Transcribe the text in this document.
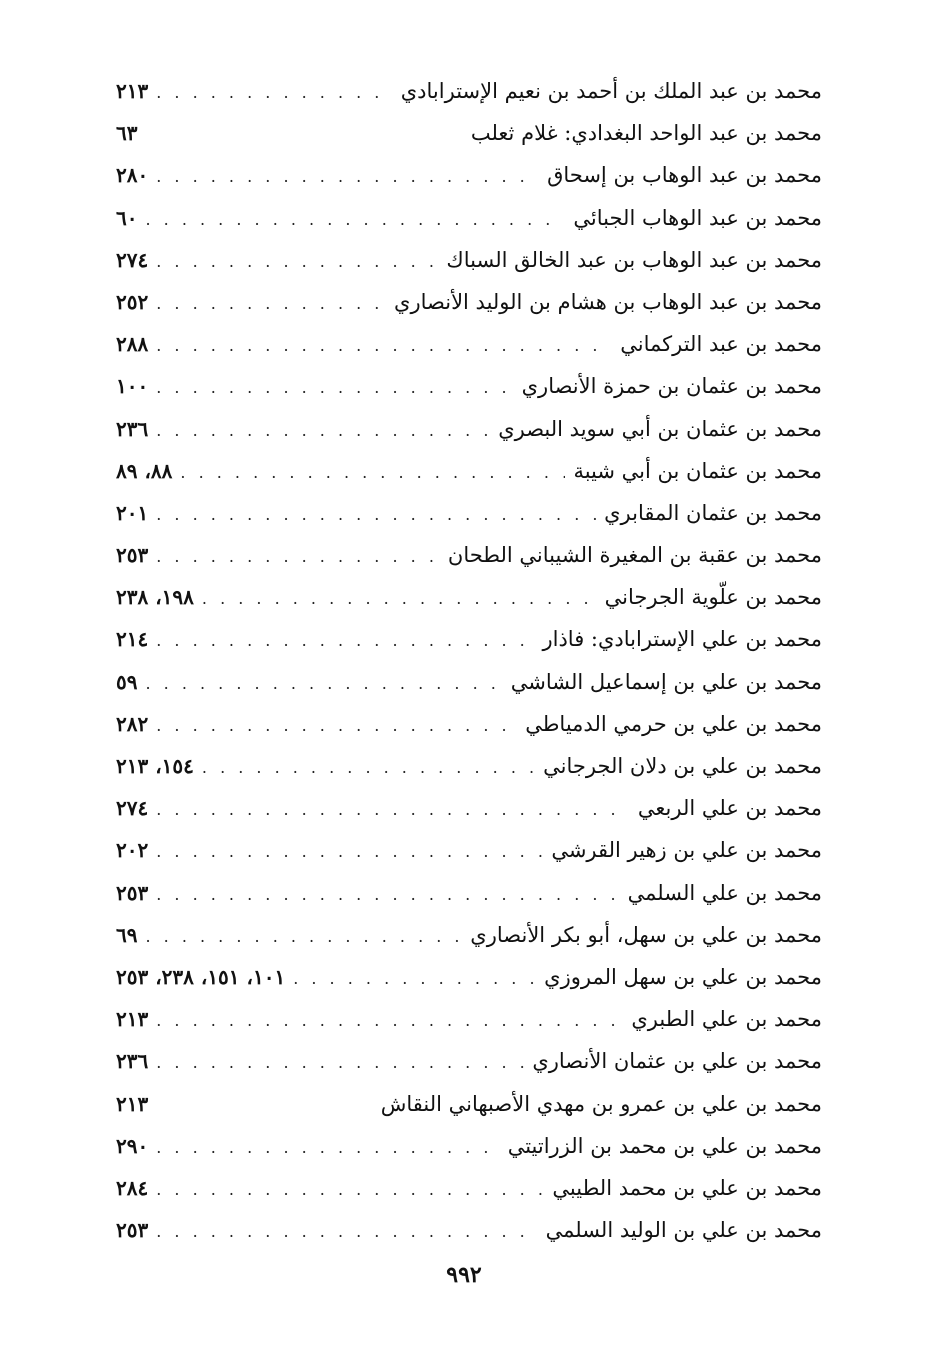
محمد بن عبد الملك بن أحمد بن نعيم الإسترابادي
. . .
٢١٣
محمد بن عبد الواحد البغدادي: غلام ثعلب
٦٣
محمد بن عبد الوهاب بن إسحاق
. . .
٢٨٠
محمد بن عبد الوهاب الجبائي
. . .
٦٠
محمد بن عبد الوهاب بن عبد الخالق السباك
. . .
٢٧٤
محمد بن عبد الوهاب بن هشام بن الوليد الأنصاري
. . .
٢٥٢
محمد بن عبد التركماني
. . .
٢٨٨
محمد بن عثمان بن حمزة الأنصاري
. . .
١٠٠
محمد بن عثمان بن أبي سويد البصري
. . .
٢٣٦
محمد بن عثمان بن أبي شيبة
. . .
٨٨، ٨٩
محمد بن عثمان المقابري
. . .
٢٠١
محمد بن عقبة بن المغيرة الشيباني الطحان
. . .
٢٥٣
محمد بن علّوية الجرجاني
. . .
١٩٨، ٢٣٨
محمد بن علي الإسترابادي: فاذار
. . .
٢١٤
محمد بن علي بن إسماعيل الشاشي
. . .
٥٩
محمد بن علي بن حرمي الدمياطي
. . .
٢٨٢
محمد بن علي بن دلان الجرجاني
. . .
١٥٤، ٢١٣
محمد بن علي الربعي
. . .
٢٧٤
محمد بن علي بن زهير القرشي
. . .
٢٠٢
محمد بن علي السلمي
. . .
٢٥٣
محمد بن علي بن سهل، أبو بكر الأنصاري
. . .
٦٩
محمد بن علي بن سهل المروزي
. . .
١٠١، ١٥١، ٢٣٨، ٢٥٣
محمد بن علي الطبري
. . .
٢١٣
محمد بن علي بن عثمان الأنصاري
. . .
٢٣٦
محمد بن علي بن عمرو بن مهدي الأصبهاني النقاش
٢١٣
محمد بن علي بن محمد بن الزراتيتي
. . .
٢٩٠
محمد بن علي بن محمد الطيبي
. . .
٢٨٤
محمد بن علي بن الوليد السلمي
. . .
٢٥٣
٩٩٢
